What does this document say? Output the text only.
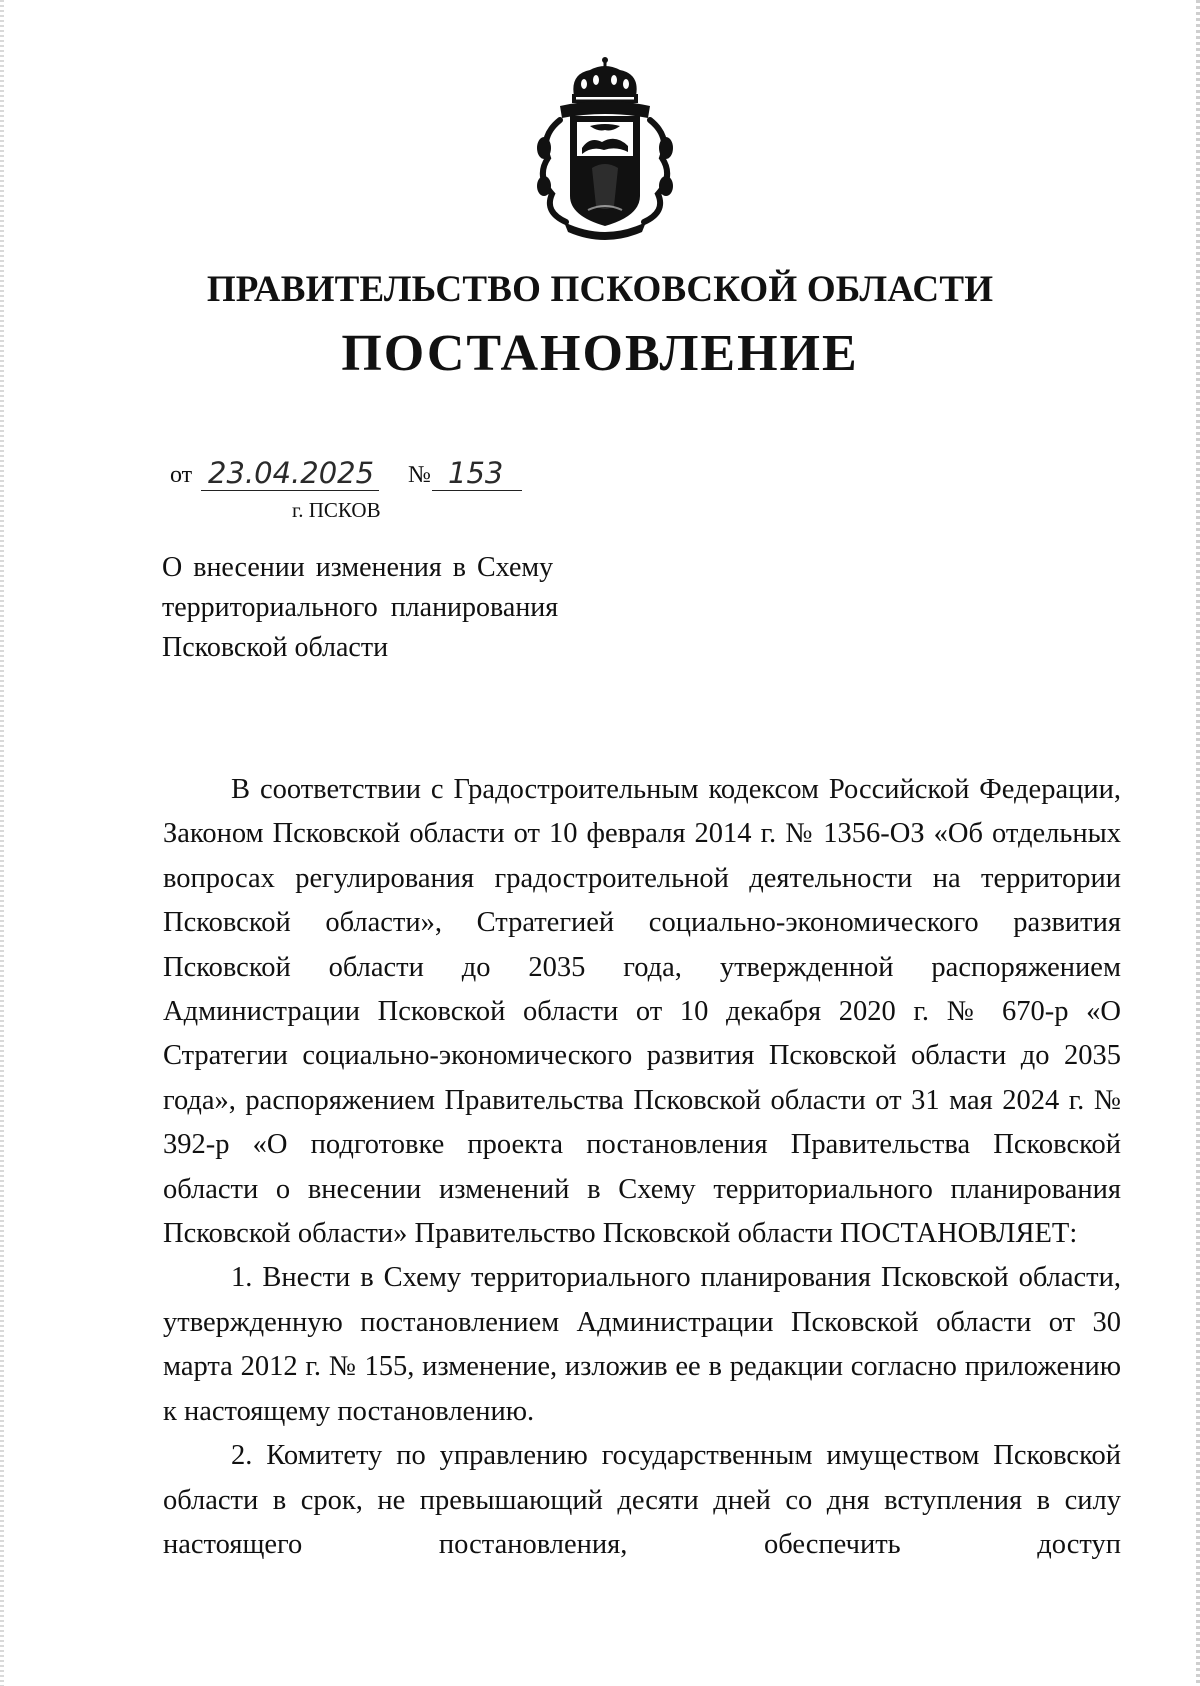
ПРАВИТЕЛЬСТВО ПСКОВСКОЙ ОБЛАСТИ
ПОСТАНОВЛЕНИЕ
от 23.04.2025 № 153
г. ПСКОВ
О внесении изменения в Схему
территориального планирования
Псковской области

В соответствии с Градостроительным кодексом Российской Федерации, Законом Псковской области от 10 февраля 2014 г. № 1356-ОЗ «Об отдельных вопросах регулирования градостроительной деятельности на территории Псковской области», Стратегией социально-экономического развития Псковской области до 2035 года, утвержденной распоряжением Администрации Псковской области от 10 декабря 2020 г. № 670-р «О Стратегии социально-экономического развития Псковской области до 2035 года», распоряжением Правительства Псковской области от 31 мая 2024 г. № 392-р «О подготовке проекта постановления Правительства Псковской области о внесении изменений в Схему территориального планирования Псковской области» Правительство Псковской области ПОСТАНОВЛЯЕТ:

1. Внести в Схему территориального планирования Псковской области, утвержденную постановлением Администрации Псковской области от 30 марта 2012 г. № 155, изменение, изложив ее в редакции согласно приложению к настоящему постановлению.

2. Комитету по управлению государственным имуществом Псковской области в срок, не превышающий десяти дней со дня вступления в силу настоящего постановления, обеспечить доступ
